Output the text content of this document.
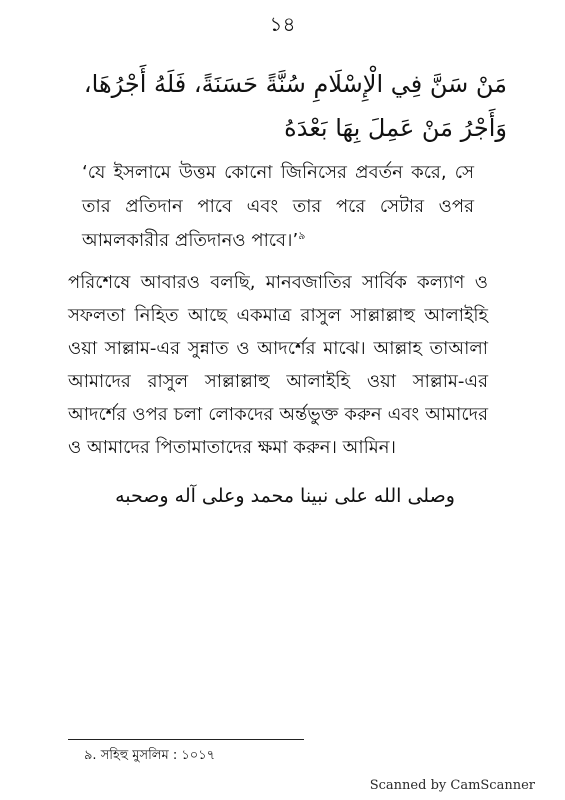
১৪
مَنْ سَنَّ فِي الْإِسْلَامِ سُنَّةً حَسَنَةً، فَلَهُ أَجْرُهَا، وَأَجْرُ مَنْ عَمِلَ بِهَا بَعْدَهُ
‘যে ইসলামে উত্তম কোনো জিনিসের প্রবর্তন করে, সে তার প্রতিদান পাবে এবং তার পরে সেটার ওপর আমলকারীর প্রতিদানও পাবে।’$^৯$
পরিশেষে আবারও বলছি, মানবজাতির সার্বিক কল্যাণ ও সফলতা নিহিত আছে একমাত্র রাসুল সাল্লাল্লাহু আলাইহি ওয়া সাল্লাম-এর সুন্নাত ও আদর্শের মাঝে। আল্লাহ তাআলা আমাদের রাসুল সাল্লাল্লাহু আলাইহি ওয়া সাল্লাম-এর আদর্শের ওপর চলা লোকদের অর্ন্তভুক্ত করুন এবং আমাদের ও আমাদের পিতামাতাদের ক্ষমা করুন। আমিন।
وصلى الله على نبينا محمد وعلى آله وصحبه
৯. সহিহু মুসলিম : ১০১৭
Scanned by CamScanner
